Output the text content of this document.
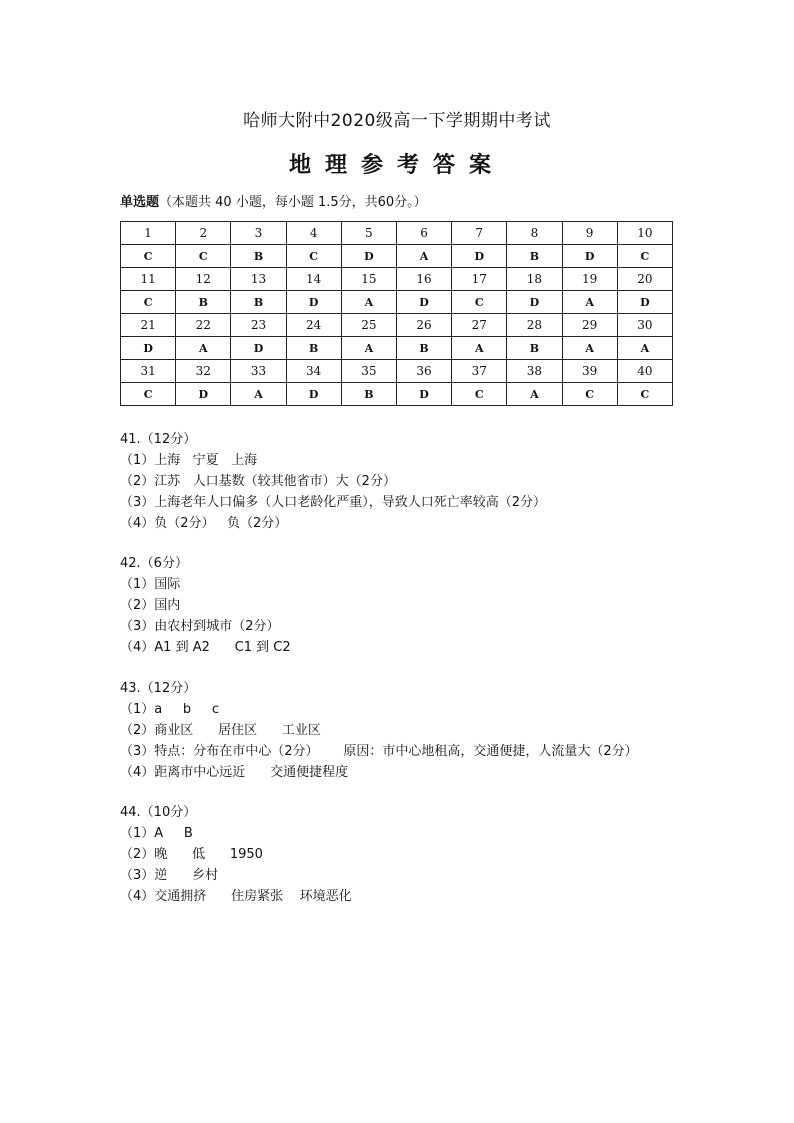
哈师大附中2020级高一下学期期中考试
地理参考答案
单选题（本题共 40 小题，每小题 1.5分，共60分。）
1	2	3	4	5	6	7	8	9	10
C	C	B	C	D	A	D	B	D	C
11	12	13	14	15	16	17	18	19	20
C	B	B	D	A	D	C	D	A	D
21	22	23	24	25	26	27	28	29	30
D	A	D	B	A	B	A	B	A	A
31	32	33	34	35	36	37	38	39	40
C	D	A	D	B	D	C	A	C	C
41.（12分）
（1）上海   宁夏   上海
（2）江苏   人口基数（较其他省市）大（2分）
（3）上海老年人口偏多（人口老龄化严重），导致人口死亡率较高（2分）
（4）负（2分）   负（2分）
42.（6分）
（1）国际
（2）国内
（3）由农村到城市（2分）
（4）A1 到 A2      C1 到 C2
43.（12分）
（1）a     b     c
（2）商业区      居住区      工业区
（3）特点：分布在市中心（2分）      原因：市中心地租高，交通便捷，人流量大（2分）
（4）距离市中心远近      交通便捷程度
44.（10分）
（1）A     B
（2）晚      低      1950
（3）逆      乡村
（4）交通拥挤      住房紧张    环境恶化
